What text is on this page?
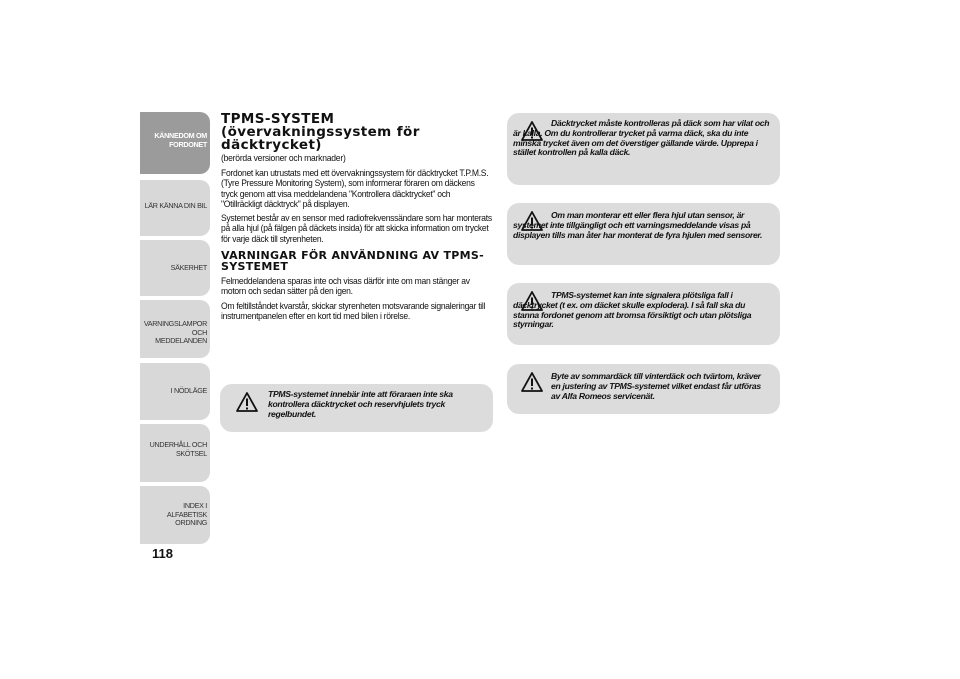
KÄNNEDOM OM FORDONET
LÄR KÄNNA DIN BIL
SÄKERHET
VARNINGSLAMPOR OCH MEDDELANDEN
I NÖDLÄGE
UNDERHÅLL OCH SKÖTSEL
INDEX I ALFABETISK ORDNING
118
TPMS-SYSTEM (övervakningssystem för däcktrycket)

(berörda versioner och marknader)

Fordonet kan utrustats med ett övervakningssystem för däcktrycket T.P.M.S. (Tyre Pressure Monitoring System), som informerar föraren om däckens tryck genom att visa meddelandena "Kontrollera däcktrycket" och "Otillräckligt däcktryck" på displayen.

Systemet består av en sensor med radiofrekvenssändare som har monterats på alla hjul (på fälgen på däckets insida) för att skicka information om trycket för varje däck till styrenheten.

VARNINGAR FÖR ANVÄNDNING AV TPMS-SYSTEMET

Felmeddelandena sparas inte och visas därför inte om man stänger av motorn och sedan sätter på den igen.

Om feltillståndet kvarstår, skickar styrenheten motsvarande signaleringar till instrumentpanelen efter en kort tid med bilen i rörelse.

TPMS-systemet innebär inte att föraraen inte ska kontrollera däcktrycket och reservhjulets tryck regelbundet.

Däcktrycket måste kontrolleras på däck som har vilat och är kalla. Om du kontrollerar trycket på varma däck, ska du inte minska trycket även om det överstiger gällande värde. Upprepa i stället kontrollen på kalla däck.

Om man monterar ett eller flera hjul utan sensor, är systemet inte tillgängligt och ett varningsmeddelande visas på displayen tills man åter har monterat de fyra hjulen med sensorer.

TPMS-systemet kan inte signalera plötsliga fall i däcktrycket (t ex. om däcket skulle explodera). I så fall ska du stanna fordonet genom att bromsa försiktigt och utan plötsliga styrningar.

Byte av sommardäck till vinterdäck och tvärtom, kräver en justering av TPMS-systemet vilket endast får utföras av Alfa Romeos servicenät.
